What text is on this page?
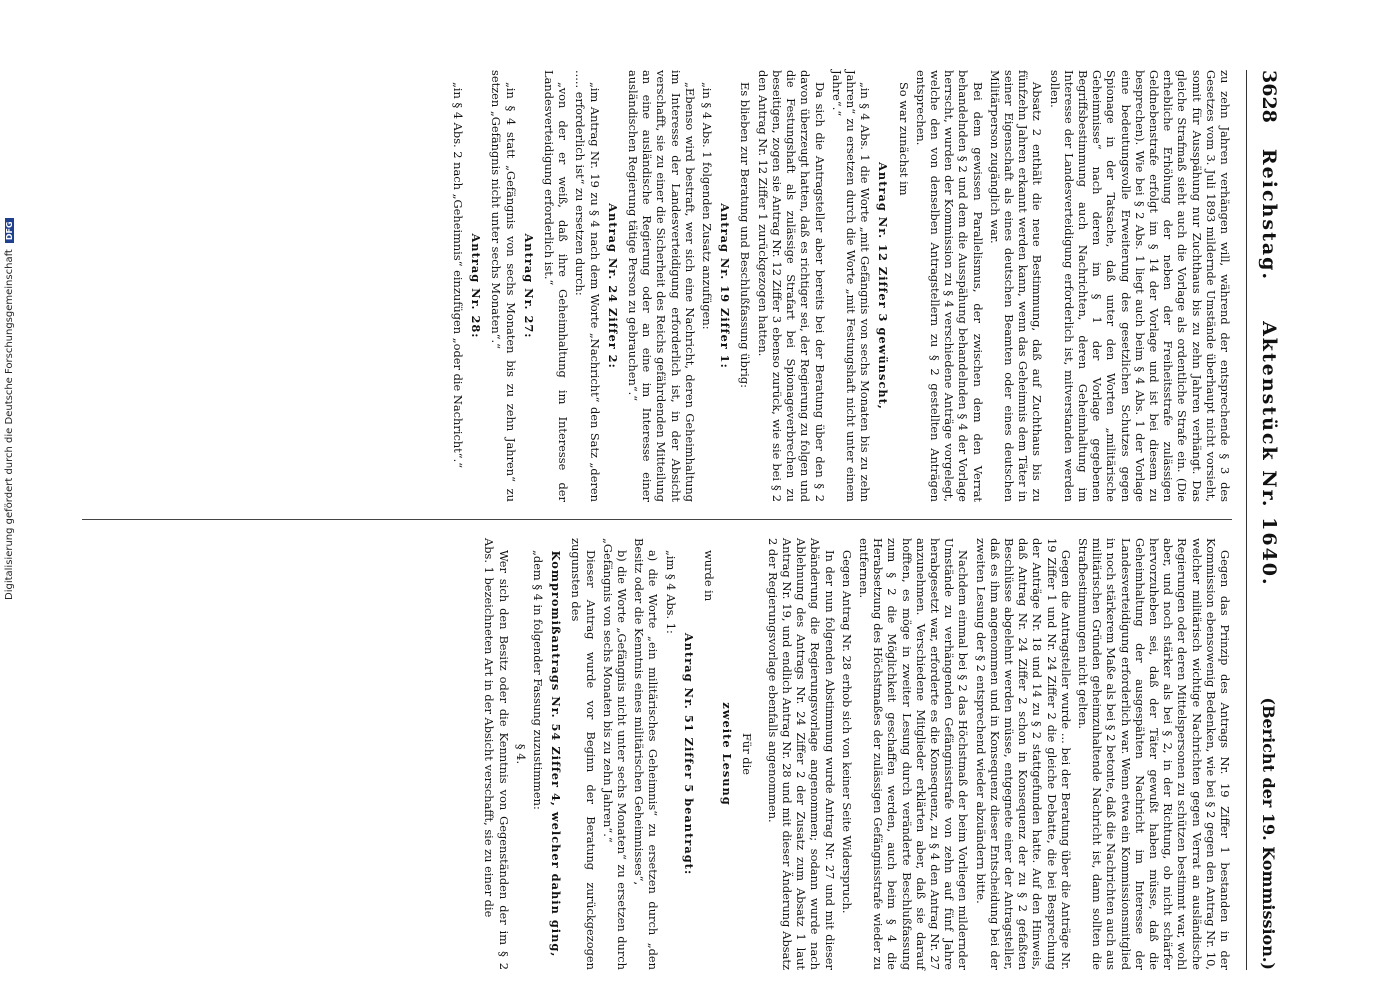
3628
Reichstag.
Aktenstück Nr. 1640.
(Bericht der 19. Kommission.)

zu zehn Jahren verhängen will, während der entsprechende § 3 des Gesetzes vom 3. Juli 1893 mildernde Umstände überhaupt nicht vorsieht, somit für Ausspähung nur Zuchthaus bis zu zehn Jahren verhängt. Das gleiche Strafmaß sieht auch die Vorlage als ordentliche Strafe ein. (Die erhebliche Erhöhung der neben der Freiheitsstrafe zulässigen Geldnebenstrafe erfolgt im § 14 der Vorlage und ist bei diesem zu besprechen). Wie bei § 2 Abs. 1 liegt auch beim § 4 Abs. 1 der Vorlage eine bedeutungsvolle Erweiterung des gesetzlichen Schutzes gegen Spionage in der Tatsache, daß unter den Worten „militärische Geheimnisse“ nach deren im § 1 der Vorlage gegebenen Begriffsbestimmung auch Nachrichten, deren Geheimhaltung im Interesse der Landesverteidigung erforderlich ist, mitverstanden werden sollen.

Absatz 2 enthält die neue Bestimmung, daß auf Zuchthaus bis zu fünfzehn Jahren erkannt werden kann, wenn das Geheimnis dem Täter in seiner Eigenschaft als eines deutschen Beamten oder eines deutschen Militärperson zugänglich war.

Bei dem gewissen Parallelismus, der zwischen dem den Verrat behandelnden § 2 und dem die Ausspähung behandelnden § 4 der Vorlage herrscht, wurden der Kommission zu § 4 verschiedene Anträge vorgelegt, welche den von denselben Antragstellern zu § 2 gestellten Anträgen entsprechen.

So war zunächst im

Antrag Nr. 12 Ziffer 3 gewünscht,

„in § 4 Abs. 1 die Worte „mit Gefängnis von sechs Monaten bis zu zehn Jahren“ zu ersetzen durch die Worte „mit Festungshaft nicht unter einem Jahre“.“

Da sich die Antragsteller aber bereits bei der Beratung über den § 2 davon überzeugt hatten, daß es richtiger sei, der Regierung zu folgen und die Festungshaft als zulässige Strafart bei Spionageverbrechen zu beseitigen, zogen sie Antrag Nr. 12 Ziffer 3 ebenso zurück, wie sie bei § 2 den Antrag Nr. 12 Ziffer 1 zurückgezogen hatten.

Es blieben zur Beratung und Beschlußfassung übrig:

Antrag Nr. 19 Ziffer 1:

„in § 4 Abs. 1 folgenden Zusatz anzufügen:

„Ebenso wird bestraft, wer sich eine Nachricht, deren Geheimhaltung im Interesse der Landesverteidigung erforderlich ist, in der Absicht verschafft, sie zu einer die Sicherheit des Reichs gefährdenden Mitteilung an eine ausländische Regierung oder an eine im Interesse einer ausländischen Regierung tätige Person zu gebrauchen“.“

Antrag Nr. 24 Ziffer 2:

„im Antrag Nr. 19 zu § 4 nach dem Worte „Nachricht“ den Satz „deren ..... erforderlich ist“ zu ersetzen durch:

„von der er weiß, daß ihre Geheimhaltung im Interesse der Landesverteidigung erforderlich ist.“

Antrag Nr. 27:

„in § 4 statt „Gefängnis von sechs Monaten bis zu zehn Jahren“ zu setzen „Gefängnis nicht unter sechs Monaten“.“

Antrag Nr. 28:

„in § 4 Abs. 2 nach „Geheimnis“ einzufügen „oder die Nachricht“.“

Gegen das Prinzip des Antrags Nr. 19 Ziffer 1 bestanden in der Kommission ebensowenig Bedenken, wie bei § 2 gegen den Antrag Nr. 10, welcher militärisch wichtige Nachrichten gegen Verrat an ausländische Regierungen oder deren Mittelspersonen zu schützen bestimmt war, wohl aber, und noch stärker als bei § 2, in der Richtung, ob nicht schärfer hervorzuheben sei, daß der Täter gewußt haben müsse, daß die Geheimhaltung der ausgespähten Nachricht im Interesse der Landesverteidigung erforderlich war. Wenn etwa ein Kommissionsmitglied in noch stärkerem Maße als bei § 2 betonte, daß die Nachrichten auch aus militärischen Gründen geheimzuhaltende Nachricht ist, dann sollten die Strafbestimmungen nicht gelten.

Gegen die Antragsteller wurde ... bei der Beratung über die Anträge Nr. 19 Ziffer 1 und Nr. 24 Ziffer 2 die gleiche Debatte, die bei Besprechung der Anträge Nr. 18 und 14 zu § 2 stattgefunden hatte. Auf den Hinweis, daß Antrag Nr. 24 Ziffer 2 schon in Konsequenz der zu § 2 gefaßten Beschlüsse abgelehnt werden müsse, entgegnete einer der Antragsteller, daß es ihm angenommen und in Konsequenz dieser Entscheidung bei der zweiten Lesung der § 2 entsprechend wieder abzuändern bitte.

Nachdem einmal bei § 2 das Höchstmaß der beim Vorliegen mildernder Umstände zu verhängenden Gefängnisstrafe von zehn auf fünf Jahre herabgesetzt war, erforderte es die Konsequenz, zu § 4 den Antrag Nr. 27 anzunehmen. Verschiedene Mitglieder erklärten aber, daß sie darauf hofften, es möge in zweiter Lesung durch veränderte Beschlußfassung zum § 2 die Möglichkeit geschaffen werden, auch beim § 4 die Herabsetzung des Höchstmaßes der zulässigen Gefängnisstrafe wieder zu entfernen.

Gegen Antrag Nr. 28 erhob sich von keiner Seite Widerspruch.

In der nun folgenden Abstimmung wurde Antrag Nr. 27 und mit dieser Abänderung die Regierungsvorlage angenommen; sodann wurde nach Ablehnung des Antrags Nr. 24 Ziffer 2 der Zusatz zum Absatz 1 laut Antrag Nr. 19, und endlich Antrag Nr. 28 und mit dieser Änderung Absatz 2 der Regierungsvorlage ebenfalls angenommen.

Für die

zweite Lesung

wurde in

Antrag Nr. 51 Ziffer 5 beantragt:

„im § 4 Abs. 1:

a) die Worte „ein militärisches Geheimnis“ zu ersetzen durch „den Besitz oder die Kenntnis eines militärischen Geheimnisses“,

b) die Worte „Gefängnis nicht unter sechs Monaten“ zu ersetzen durch „Gefängnis von sechs Monaten bis zu zehn Jahren“.“

Dieser Antrag wurde vor Beginn der Beratung zurückgezogen zugunsten des

Kompromißantrags Nr. 54 Ziffer 4, welcher dahin ging,

„dem § 4 in folgender Fassung zuzustimmen:

§ 4.

Wer sich den Besitz oder die Kenntnis von Gegenständen der im § 2 Abs. 1 bezeichneten Art in der Absicht verschafft, sie zu einer die

Digitalisierung gefördert durch die Deutsche ForschungsgemeinschaftDFG
